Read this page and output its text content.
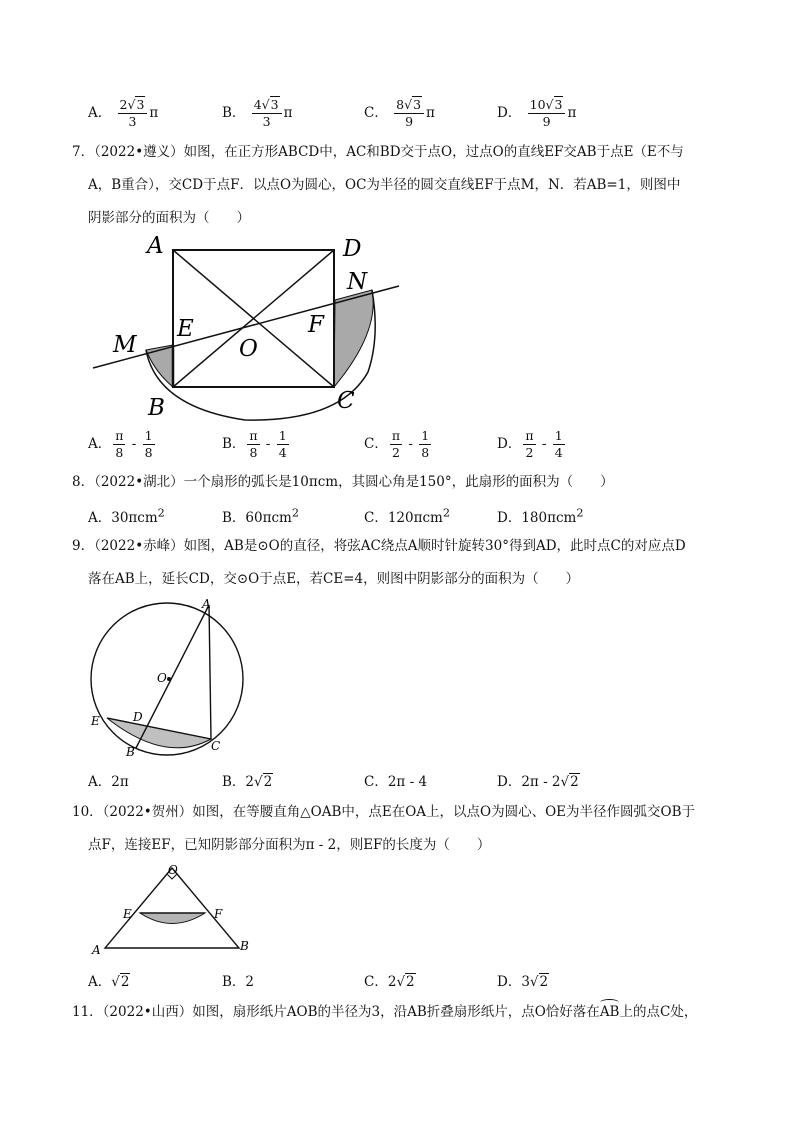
A． $\frac{2√3}{3}$ π	B． $\frac{4√3}{3}$ π	C． $\frac{8√3}{9}$ π	D． $\frac{10√3}{9}$ π
7．（2022•遵义）如图，在正方形ABCD中，AC和BD交于点O，过点O的直线EF交AB于点E（E不与
A，B重合），交CD于点F．以点O为圆心，OC为半径的圆交直线EF于点M，N．若AB=1，则图中
阴影部分的面积为（　　）
A	D
N
M
E	F
O
B	C
A． $\frac{\pi}{8} - \frac{1}{8}$	B． $\frac{\pi}{8} - \frac{1}{4}$	C． $\frac{\pi}{2} - \frac{1}{8}$	D． $\frac{\pi}{2} - \frac{1}{4}$
8．（2022•湖北）一个扇形的弧长是10πcm，其圆心角是150°，此扇形的面积为（　　）
A．30πcm$^2$	B．60πcm$^2$	C．120πcm$^2$	D．180πcm$^2$
9．（2022•赤峰）如图，AB是⊙O的直径，将弦AC绕点A顺时针旋转30°得到AD，此时点C的对应点D
落在AB上，延长CD，交⊙O于点E，若CE=4，则图中阴影部分的面积为（　　）
A
O
E	D
B	C
A．2π	B．2√2	C．2π - 4	D．2π - 2√2
10．（2022•贺州）如图，在等腰直角△OAB中，点E在OA上，以点O为圆心、OE为半径作圆弧交OB于
点F，连接EF，已知阴影部分面积为π - 2，则EF的长度为（　　）
O
E	F
A	B
A．√2	B．2	C．2√2	D．3√2
11．（2022•山西）如图，扇形纸片AOB的半径为3，沿AB折叠扇形纸片，点O恰好落在
AB上的点C处，
